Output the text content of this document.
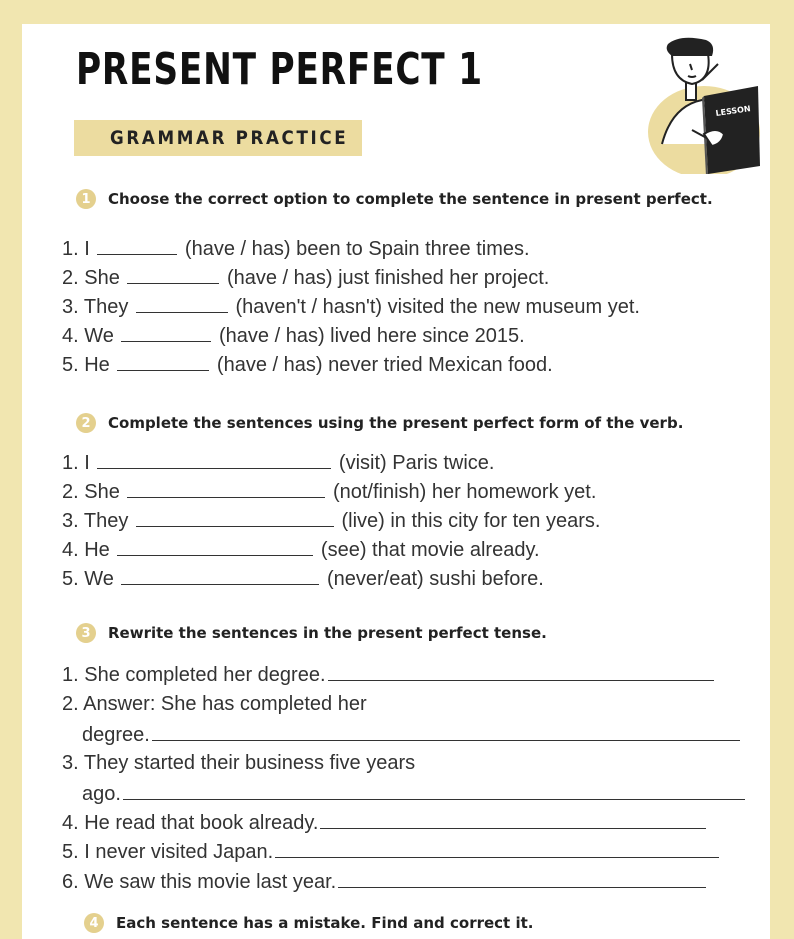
PRESENT PERFECT 1
GRAMMAR PRACTICE
LESSON
1	Choose the correct option to complete the sentence in present perfect.
1. I	(have / has) been to Spain three times.
2. She	(have / has) just finished her project.
3. They	(haven't / hasn't) visited the new museum yet.
4. We	(have / has) lived here since 2015.
5. He	(have / has) never tried Mexican food.
2	Complete the sentences using the present perfect form of the verb.
1. I	(visit) Paris twice.
2. She	(not/finish) her homework yet.
3. They	(live) in this city for ten years.
4. He	(see) that movie already.
5. We	(never/eat) sushi before.
3	Rewrite the sentences in the present perfect tense.
1. She completed her degree.
2. Answer: She has completed her
degree.
3. They started their business five years
ago.
4. He read that book already.
5. I never visited Japan.
6. We saw this movie last year.
4	Each sentence has a mistake. Find and correct it.
